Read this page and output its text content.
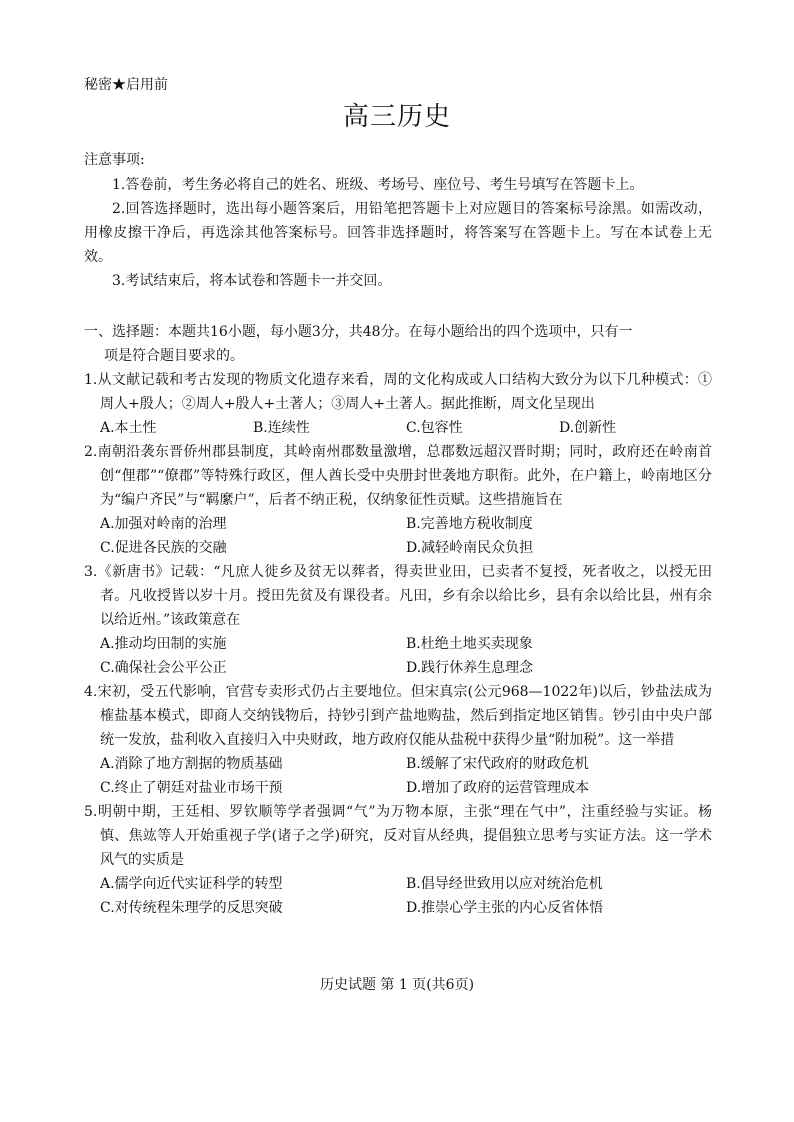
秘密★启用前
高三历史
注意事项:
1.答卷前，考生务必将自己的姓名、班级、考场号、座位号、考生号填写在答题卡上。
2.回答选择题时，选出每小题答案后，用铅笔把答题卡上对应题目的答案标号涂黑。如需改动，用橡皮擦干净后，再选涂其他答案标号。回答非选择题时，将答案写在答题卡上。写在本试卷上无效。
3.考试结束后，将本试卷和答题卡一并交回。
一、选择题：本题共16小题，每小题3分，共48分。在每小题给出的四个选项中，只有一
项是符合题目要求的。
1.从文献记载和考古发现的物质文化遗存来看，周的文化构成或人口结构大致分为以下几种模式：①周人+殷人；②周人+殷人+土著人；③周人+土著人。据此推断，周文化呈现出
A.本土性	B.连续性	C.包容性	D.创新性
2.南朝沿袭东晋侨州郡县制度，其岭南州郡数量激增，总郡数远超汉晋时期；同时，政府还在岭南首创“俚郡”“僚郡”等特殊行政区，俚人酋长受中央册封世袭地方职衔。此外，在户籍上，岭南地区分为“编户齐民”与“羁縻户”，后者不纳正税，仅纳象征性贡赋。这些措施旨在
A.加强对岭南的治理	B.完善地方税收制度
C.促进各民族的交融	D.减轻岭南民众负担
3.《新唐书》记载：“凡庶人徙乡及贫无以葬者，得卖世业田，已卖者不复授，死者收之，以授无田者。凡收授皆以岁十月。授田先贫及有课役者。凡田，乡有余以给比乡，县有余以给比县，州有余以给近州。”该政策意在
A.推动均田制的实施	B.杜绝土地买卖现象
C.确保社会公平公正	D.践行休养生息理念
4.宋初，受五代影响，官营专卖形式仍占主要地位。但宋真宗(公元968—1022年)以后，钞盐法成为榷盐基本模式，即商人交纳钱物后，持钞引到产盐地购盐，然后到指定地区销售。钞引由中央户部统一发放，盐利收入直接归入中央财政，地方政府仅能从盐税中获得少量“附加税”。这一举措
A.消除了地方割据的物质基础	B.缓解了宋代政府的财政危机
C.终止了朝廷对盐业市场干预	D.增加了政府的运营管理成本
5.明朝中期，王廷相、罗钦顺等学者强调“气”为万物本原，主张“理在气中”，注重经验与实证。杨慎、焦竑等人开始重视子学(诸子之学)研究，反对盲从经典，提倡独立思考与实证方法。这一学术风气的实质是
A.儒学向近代实证科学的转型	B.倡导经世致用以应对统治危机
C.对传统程朱理学的反思突破	D.推崇心学主张的内心反省体悟
历史试题 第 1 页(共6页)
